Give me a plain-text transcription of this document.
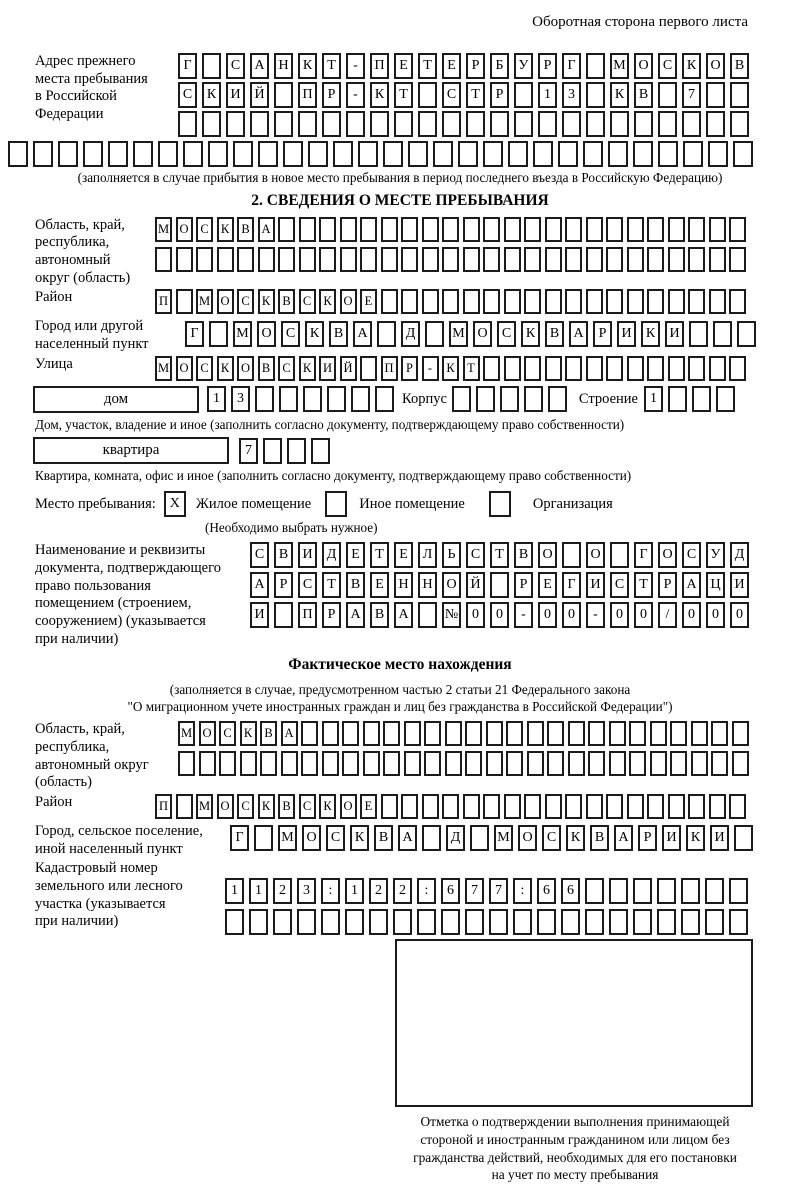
Оборотная сторона первого листа
Адрес прежнего
места пребывания
в Российской
Федерации
Г	С	А Н	К	Т	-	П	Е	Т	Е	Р	Б	У	Р	Г	М О	С	К	О	В
С	К	И Й	П	Р	-	К	Т	С	Т	Р	1	3	К	В	7
(заполняется в случае прибытия в новое место пребывания в период последнего въезда в Российскую Федерацию)
2. СВЕДЕНИЯ О МЕСТЕ ПРЕБЫВАНИЯ
Область, край,
республика,
автономный
округ (область)
М О С К В А
Район	П	М О С К В С К О Е
Город или другой
населенный пункт
Г	М О	С	К	В	А	Д	М О	С	К	В	А	Р	И	К	И
Улица	М О С К О В С К И Й	П	Р	-	К	Т
дом	1	3	Корпус	Строение 1
Дом, участок, владение и иное (заполнить согласно документу, подтверждающему право собственности)
квартира	7
Квартира, комната, офис и иное (заполнить согласно документу, подтверждающему право собственности)
Место пребывания: X	Жилое помещение	Иное помещение	Организация
(Необходимо выбрать нужное)
Наименование и реквизиты
документа, подтверждающего
право пользования
помещением (строением,
сооружением) (указывается
при наличии)
С	В	И	Д	Е	Т	Е	Л	Ь	С	Т	В	О	О	Г	О	С	У	Д
А	Р	С	Т	В	Е	Н Н О Й	Р	Е	Г	И	С	Т	Р	А Ц И
И	П	Р	А	В	А	№ 0	0	-	0	0	-	0	0	/	0	0	0
Фактическое место нахождения
(заполняется в случае, предусмотренном частью 2 статьи 21 Федерального закона
"О миграционном учете иностранных граждан и лиц без гражданства в Российской Федерации")
Область, край,
республика,
автономный округ
(область)
М О С К В А
Район	П	М О С К В С К О Е
Город, сельское поселение,
иной населенный пункт
Г	М О	С	К	В	А	Д	М О	С	К	В	А	Р	И	К	И
Кадастровый номер
земельного или лесного
участка (указывается
при наличии)
1	1	2	3	:	1	2	2	:	6	7	7	:	6	6
Отметка о подтверждении выполнения принимающей
стороной и иностранным гражданином или лицом без
гражданства действий, необходимых для его постановки
на учет по месту пребывания
